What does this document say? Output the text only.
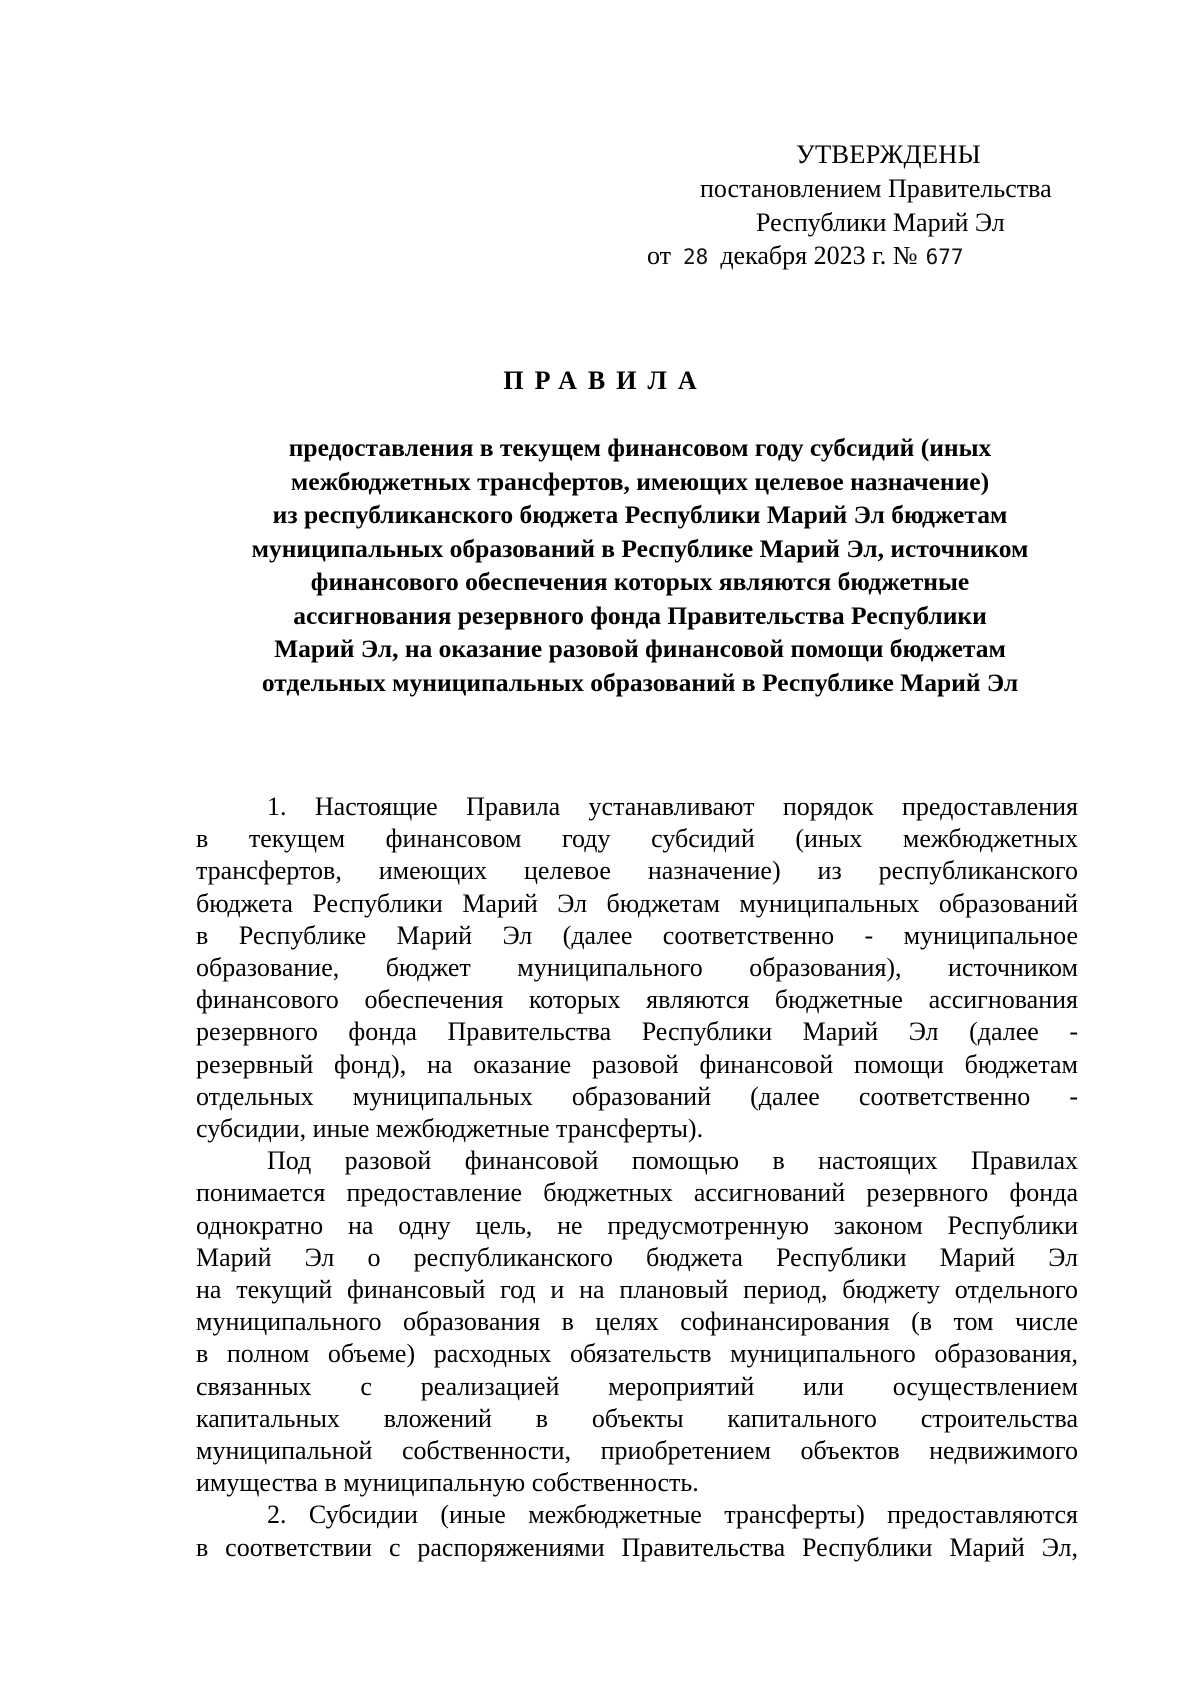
УТВЕРЖДЕНЫ
постановлением Правительства
Республики Марий Эл
от 28 декабря 2023 г. № 677
ПРАВИЛА
предоставления в текущем финансовом году субсидий (иных
межбюджетных трансфертов, имеющих целевое назначение)
из республиканского бюджета Республики Марий Эл бюджетам
муниципальных образований в Республике Марий Эл, источником
финансового обеспечения которых являются бюджетные
ассигнования резервного фонда Правительства Республики
Марий Эл, на оказание разовой финансовой помощи бюджетам
отдельных муниципальных образований в Республике Марий Эл

1. Настоящие Правила устанавливают порядок предоставления
в текущем финансовом году субсидий (иных межбюджетных
трансфертов, имеющих целевое назначение) из республиканского
бюджета Республики Марий Эл бюджетам муниципальных образований
в Республике Марий Эл (далее соответственно - муниципальное
образование, бюджет муниципального образования), источником
финансового обеспечения которых являются бюджетные ассигнования
резервного фонда Правительства Республики Марий Эл (далее -
резервный фонд), на оказание разовой финансовой помощи бюджетам
отдельных муниципальных образований (далее соответственно -
субсидии, иные межбюджетные трансферты).

Под разовой финансовой помощью в настоящих Правилах
понимается предоставление бюджетных ассигнований резервного фонда
однократно на одну цель, не предусмотренную законом Республики
Марий Эл о республиканского бюджета Республики Марий Эл
на текущий финансовый год и на плановый период, бюджету отдельного
муниципального образования в целях софинансирования (в том числе
в полном объеме) расходных обязательств муниципального образования,
связанных с реализацией мероприятий или осуществлением
капитальных вложений в объекты капитального строительства
муниципальной собственности, приобретением объектов недвижимого
имущества в муниципальную собственность.

2. Субсидии (иные межбюджетные трансферты) предоставляются
в соответствии с распоряжениями Правительства Республики Марий Эл,
